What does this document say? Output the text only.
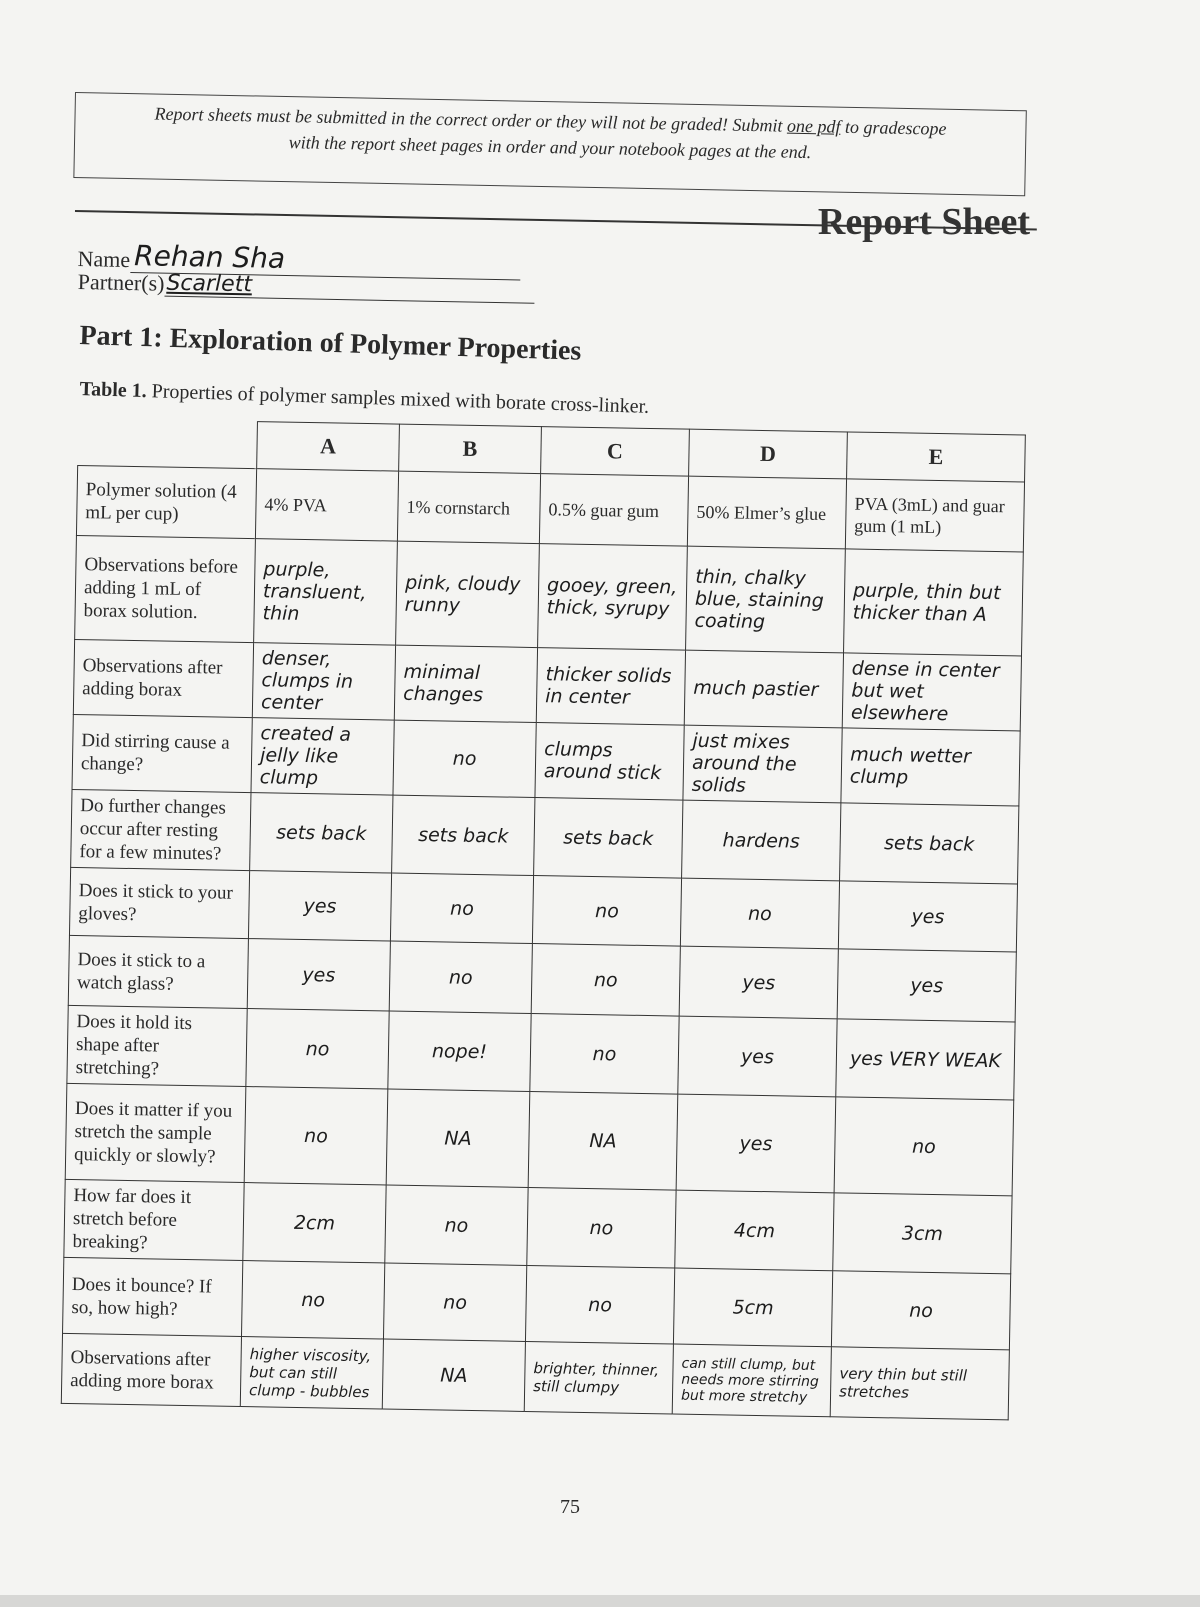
Report sheets must be submitted in the correct order or they will not be graded! Submit one pdf to gradescope
with the report sheet pages in order and your notebook pages at the end.
Report Sheet
Name Rehan Sha
Partner(s)Scarlett
Part 1: Exploration of Polymer Properties
Table 1. Properties of polymer samples mixed with borate cross-linker.
	A	B	C	D	E
Polymer solution (4 mL per cup)	4% PVA	1% cornstarch	0.5% guar gum	50% Elmer’s glue	PVA (3mL) and guar gum (1 mL)
Observations before adding 1 mL of borax solution.	purple, transluent, thin	pink, cloudy runny	gooey, green, thick, syrupy	thin, chalky blue, staining coating	purple, thin but thicker than A
Observations after adding borax	denser, clumps in center	minimal changes	thicker solids in center	much pastier	dense in center but wet elsewhere
Did stirring cause a change?	created a jelly like clump	no	clumps around stick	just mixes around the solids	much wetter clump
Do further changes occur after resting for a few minutes?	sets back	sets back	sets back	hardens	sets back
Does it stick to your gloves?	yes	no	no	no	yes
Does it stick to a watch glass?	yes	no	no	yes	yes
Does it hold its shape after stretching?	no	nope!	no	yes	yes VERY WEAK
Does it matter if you stretch the sample quickly or slowly?	no	NA	NA	yes	no
How far does it stretch before breaking?	2cm	no	no	4cm	3cm
Does it bounce? If so, how high?	no	no	no	5cm	no
Observations after adding more borax	higher viscosity, but can still clump - bubbles	NA	brighter, thinner, still clumpy	can still clump, but needs more stirring but more stretchy	very thin but still stretches
75
